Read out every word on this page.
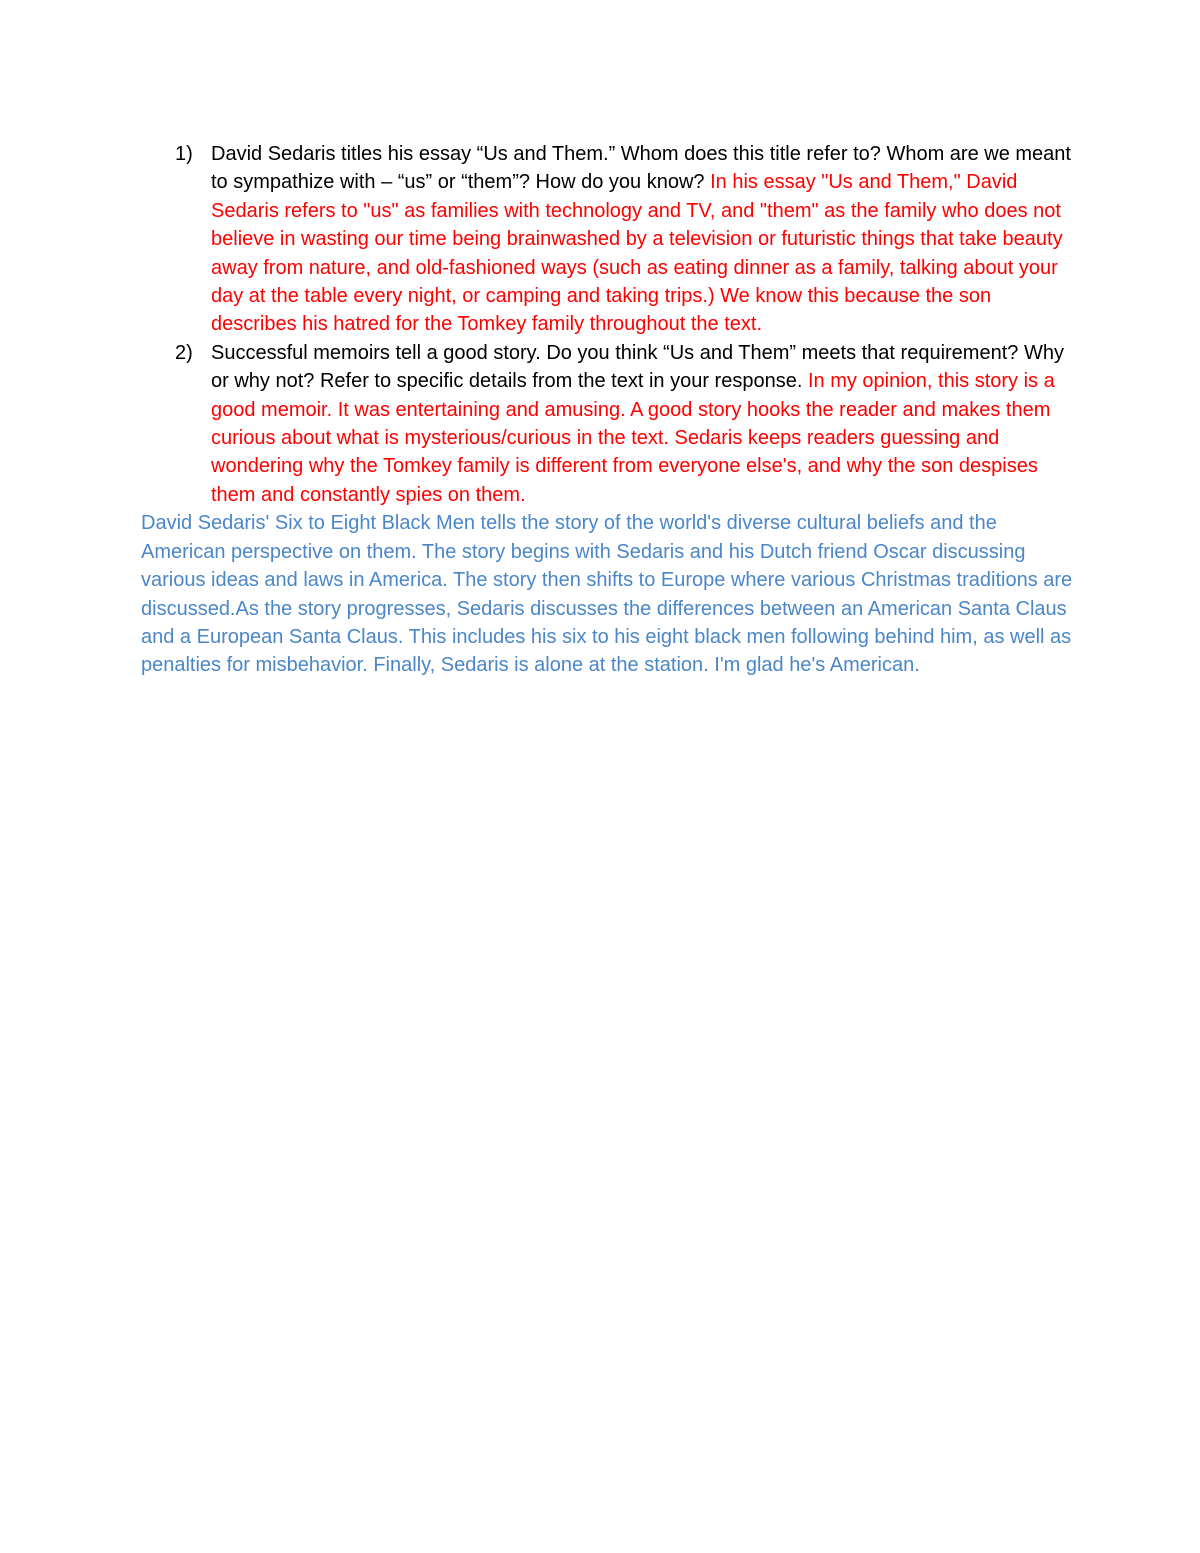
1) David Sedaris titles his essay “Us and Them.” Whom does this title refer to? Whom are we meant to sympathize with – “us” or “them”? How do you know? In his essay "Us and Them," David Sedaris refers to "us" as families with technology and TV, and "them" as the family who does not believe in wasting our time being brainwashed by a television or futuristic things that take beauty away from nature, and old-fashioned ways (such as eating dinner as a family, talking about your day at the table every night, or camping and taking trips.) We know this because the son describes his hatred for the Tomkey family throughout the text.
2) Successful memoirs tell a good story. Do you think “Us and Them” meets that requirement? Why or why not? Refer to specific details from the text in your response. In my opinion, this story is a good memoir. It was entertaining and amusing. A good story hooks the reader and makes them curious about what is mysterious/curious in the text. Sedaris keeps readers guessing and wondering why the Tomkey family is different from everyone else's, and why the son despises them and constantly spies on them.

David Sedaris' Six to Eight Black Men tells the story of the world's diverse cultural beliefs and the American perspective on them. The story begins with Sedaris and his Dutch friend Oscar discussing various ideas and laws in America. The story then shifts to Europe where various Christmas traditions are discussed.As the story progresses, Sedaris discusses the differences between an American Santa Claus and a European Santa Claus. This includes his six to his eight black men following behind him, as well as penalties for misbehavior. Finally, Sedaris is alone at the station. I'm glad he's American.
